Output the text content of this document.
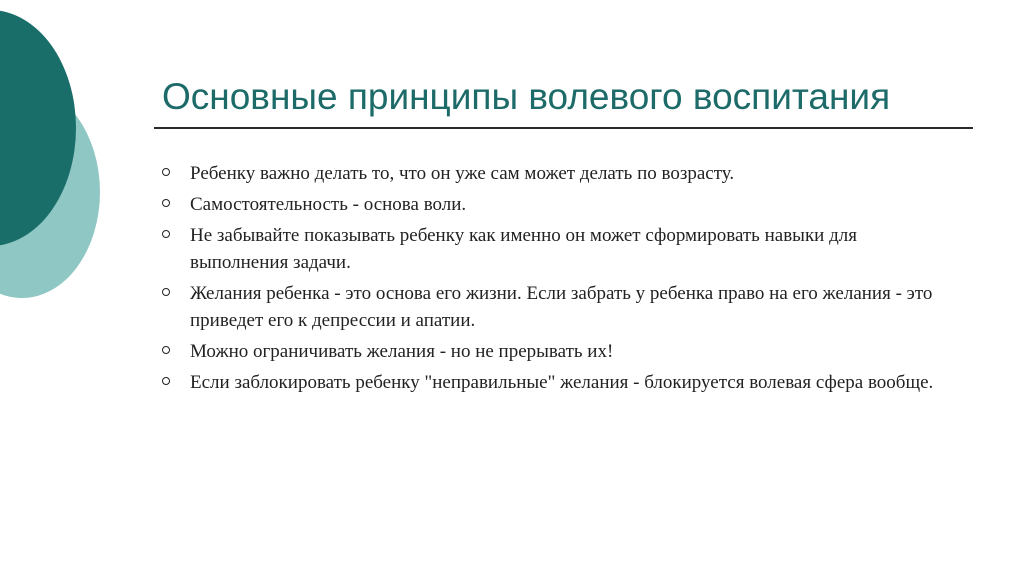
Основные принципы волевого воспитания
Ребенку важно делать то, что он уже сам может делать по возрасту.
Самостоятельность - основа воли.
Не забывайте показывать ребенку как именно он может сформировать навыки для выполнения задачи.
Желания ребенка - это основа его жизни. Если забрать у ребенка право на его желания - это приведет его к депрессии и апатии.
Можно ограничивать желания - но не прерывать их!
Если заблокировать ребенку "неправильные" желания - блокируется волевая сфера вообще.
